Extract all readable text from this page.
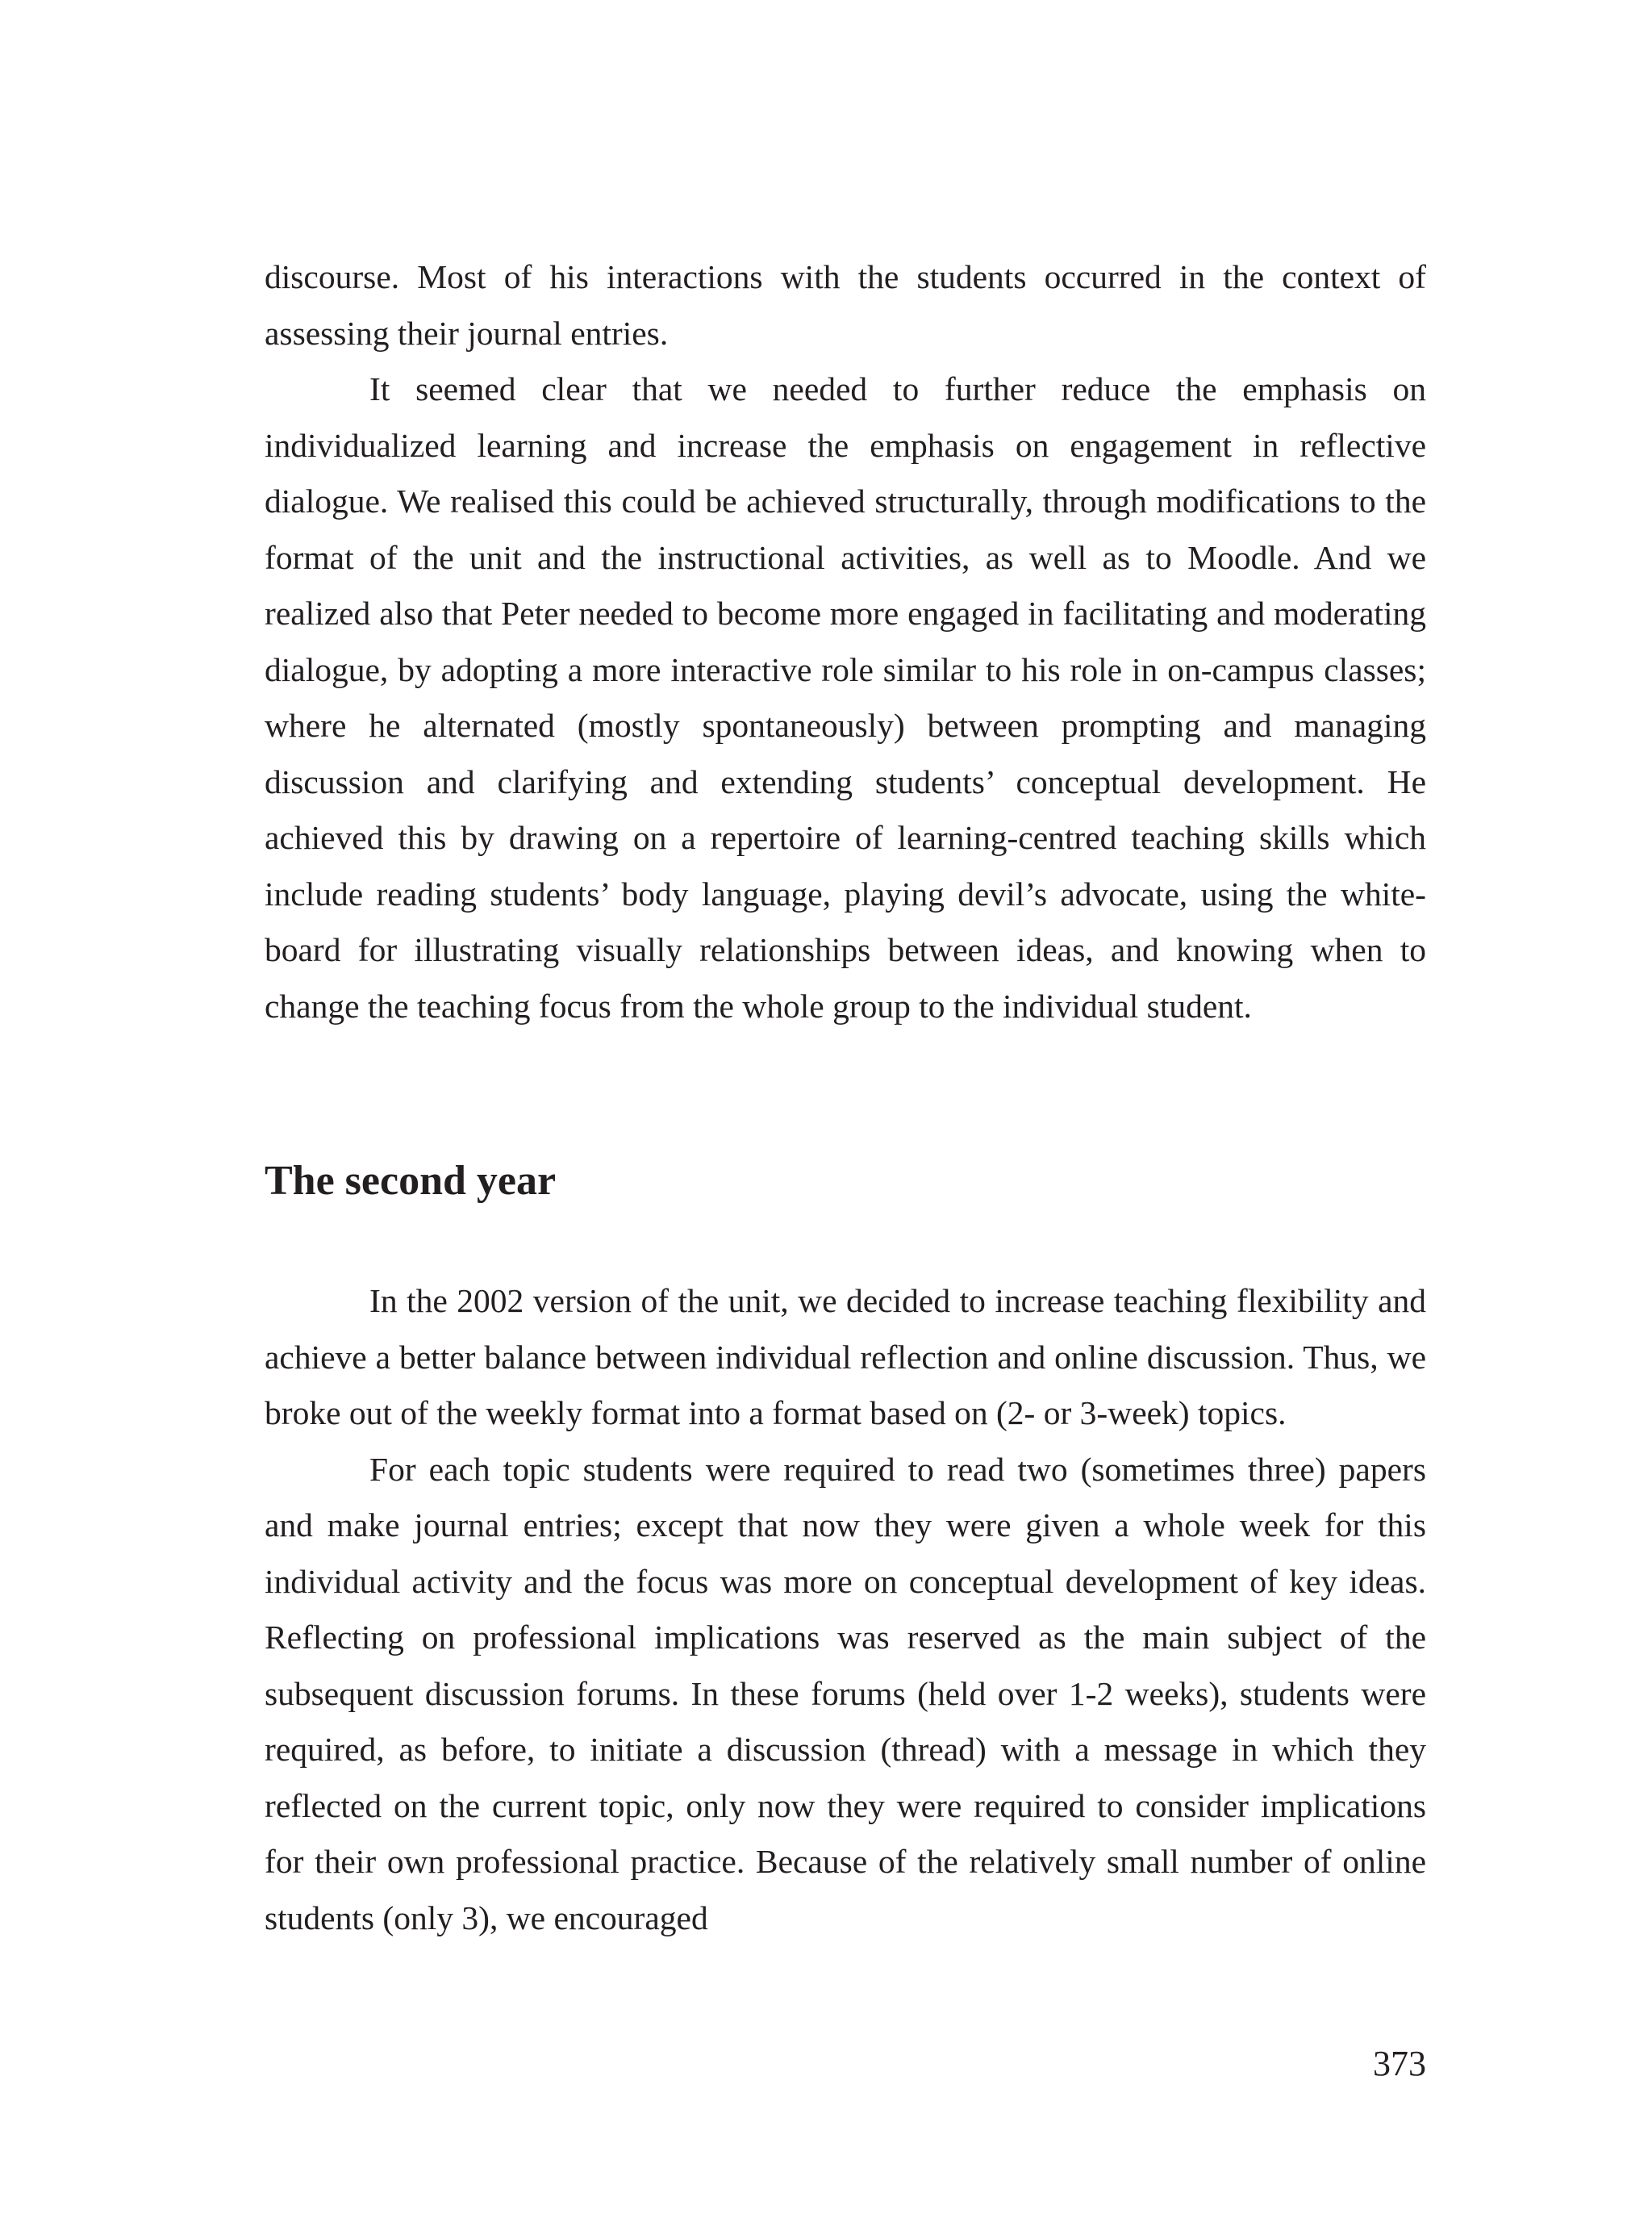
discourse. Most of his interactions with the students occurred in the context of assessing their journal entries.

It seemed clear that we needed to further reduce the emphasis on individualized learning and increase the emphasis on engagement in reflective dialogue. We realised this could be achieved structurally, through modifications to the format of the unit and the instructional activities, as well as to Moodle. And we realized also that Peter needed to become more engaged in facilitating and moderating dialogue, by adopting a more interactive role similar to his role in on-campus classes; where he alternated (mostly spontaneously) between prompting and managing discussion and clarifying and extending students’ conceptual development. He achieved this by drawing on a repertoire of learning-centred teaching skills which include reading students’ body language, playing devil’s advocate, using the white-board for illustrating visually relationships between ideas, and knowing when to change the teaching focus from the whole group to the individual student.

The second year

In the 2002 version of the unit, we decided to increase teaching flexibility and achieve a better balance between individual reflection and online discussion. Thus, we broke out of the weekly format into a format based on (2- or 3-week) topics.

For each topic students were required to read two (sometimes three) papers and make journal entries; except that now they were given a whole week for this individual activity and the focus was more on conceptual development of key ideas. Reflecting on professional implications was reserved as the main subject of the subsequent discussion forums. In these forums (held over 1-2 weeks), students were required, as before, to initiate a discussion (thread) with a message in which they reflected on the current topic, only now they were required to consider implications for their own professional practice. Because of the relatively small number of online students (only 3), we encouraged

373
